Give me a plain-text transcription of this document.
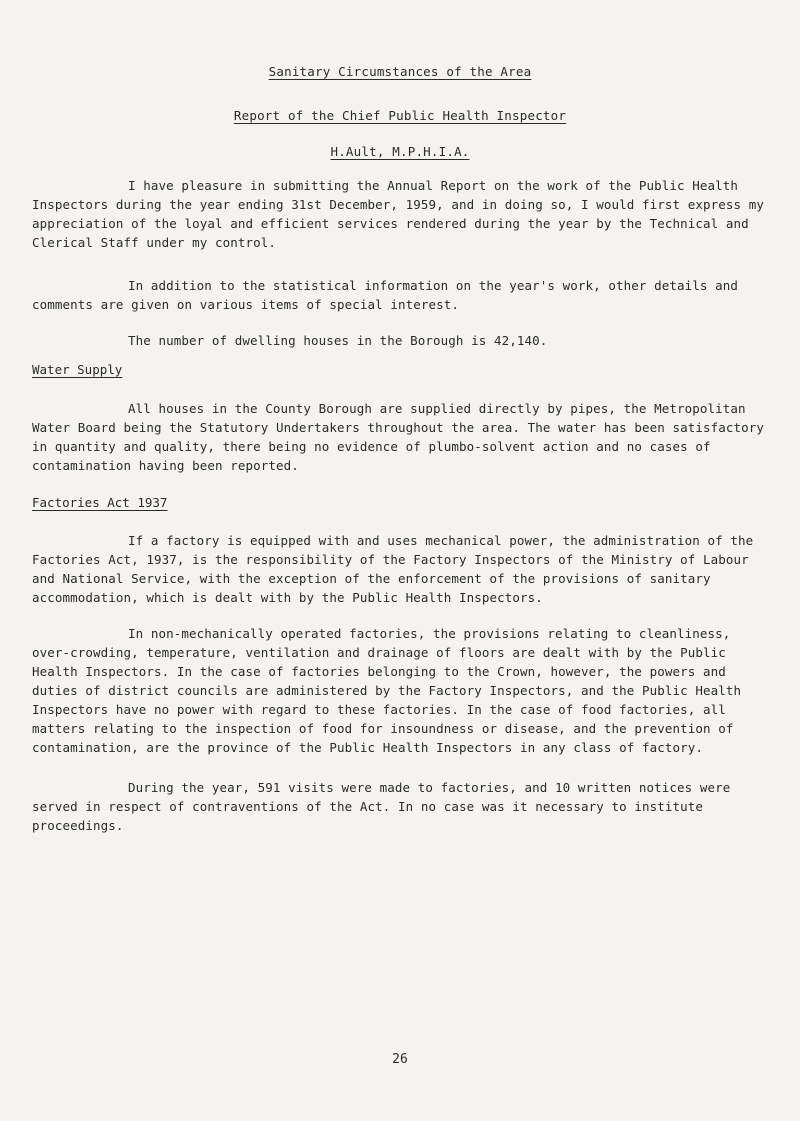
Sanitary Circumstances of the Area
Report of the Chief Public Health Inspector
H.Ault, M.P.H.I.A.

I have pleasure in submitting the Annual Report on the work of the Public Health Inspectors during the year ending 31st December, 1959, and in doing so, I would first express my appreciation of the loyal and efficient services rendered during the year by the Technical and Clerical Staff under my control.

In addition to the statistical information on the year's work, other details and comments are given on various items of special interest.

The number of dwelling houses in the Borough is 42,140.

Water Supply

All houses in the County Borough are supplied directly by pipes, the Metropolitan Water Board being the Statutory Undertakers throughout the area. The water has been satisfactory in quantity and quality, there being no evidence of plumbo-solvent action and no cases of contamination having been reported.

Factories Act 1937

If a factory is equipped with and uses mechanical power, the administration of the Factories Act, 1937, is the responsibility of the Factory Inspectors of the Ministry of Labour and National Service, with the exception of the enforcement of the provisions of sanitary accommodation, which is dealt with by the Public Health Inspectors.

In non-mechanically operated factories, the provisions relating to cleanliness, over-crowding, temperature, ventilation and drainage of floors are dealt with by the Public Health Inspectors. In the case of factories belonging to the Crown, however, the powers and duties of district councils are administered by the Factory Inspectors, and the Public Health Inspectors have no power with regard to these factories. In the case of food factories, all matters relating to the inspection of food for insoundness or disease, and the prevention of contamination, are the province of the Public Health Inspectors in any class of factory.

During the year, 591 visits were made to factories, and 10 written notices were served in respect of contraventions of the Act. In no case was it necessary to institute proceedings.

26
